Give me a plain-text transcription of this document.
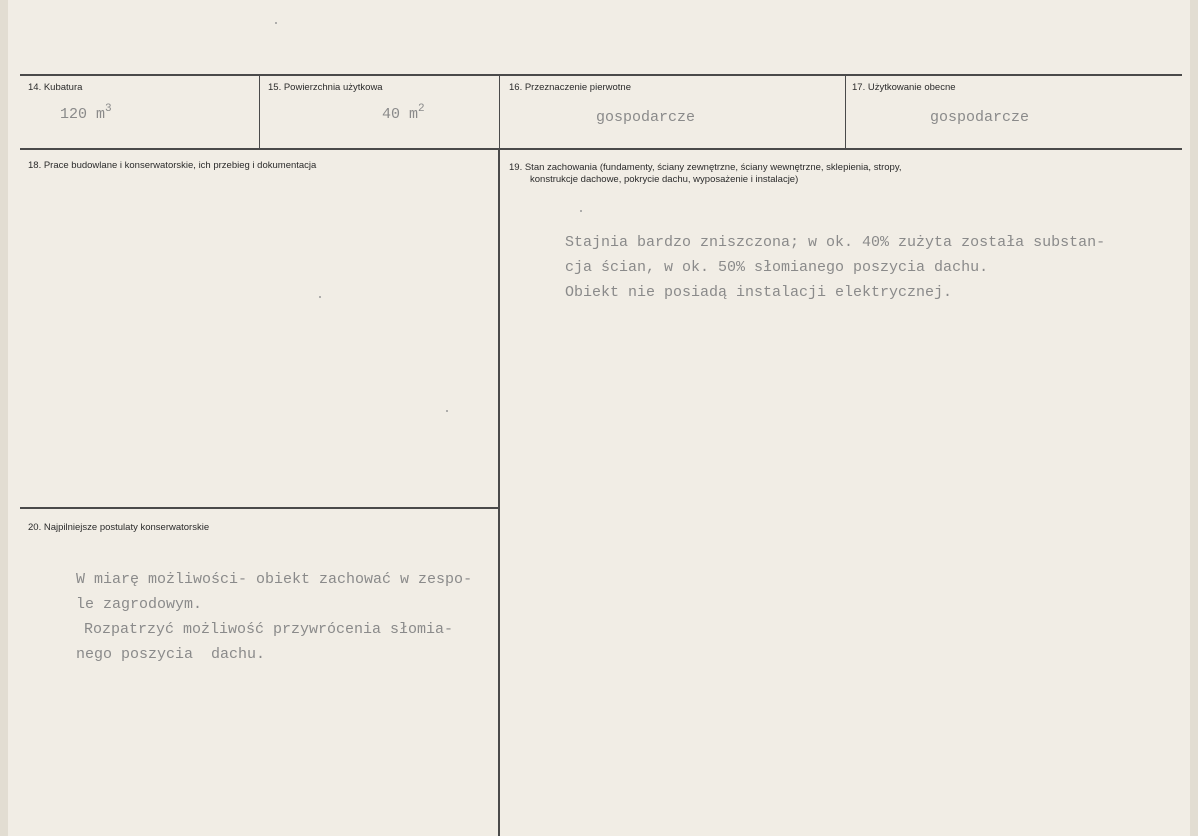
14. Kubatura	15. Powierzchnia użytkowa	16. Przeznaczenie pierwotne	17. Użytkowanie obecne
120 $m^3$	40 $m^2$	gospodarcze	gospodarcze
18. Prace budowlane i konserwatorskie, ich przebieg i dokumentacja	19. Stan zachowania (fundamenty, ściany zewnętrzne, ściany wewnętrzne, sklepienia, stropy,
konstrukcje dachowe, pokrycie dachu, wyposażenie i instalacje)
Stajnia bardzo zniszczona; w ok. 40% zużyta została substan-
cja ścian, w ok. 50% słomianego poszycia dachu.
Obiekt nie posiadą instalacji elektrycznej.
20. Najpilniejsze postulaty konserwatorskie
W miarę możliwości- obiekt zachować w zespo-
le zagrodowym.
Rozpatrzyć możliwość przywrócenia słomia-
nego poszycia  dachu.
